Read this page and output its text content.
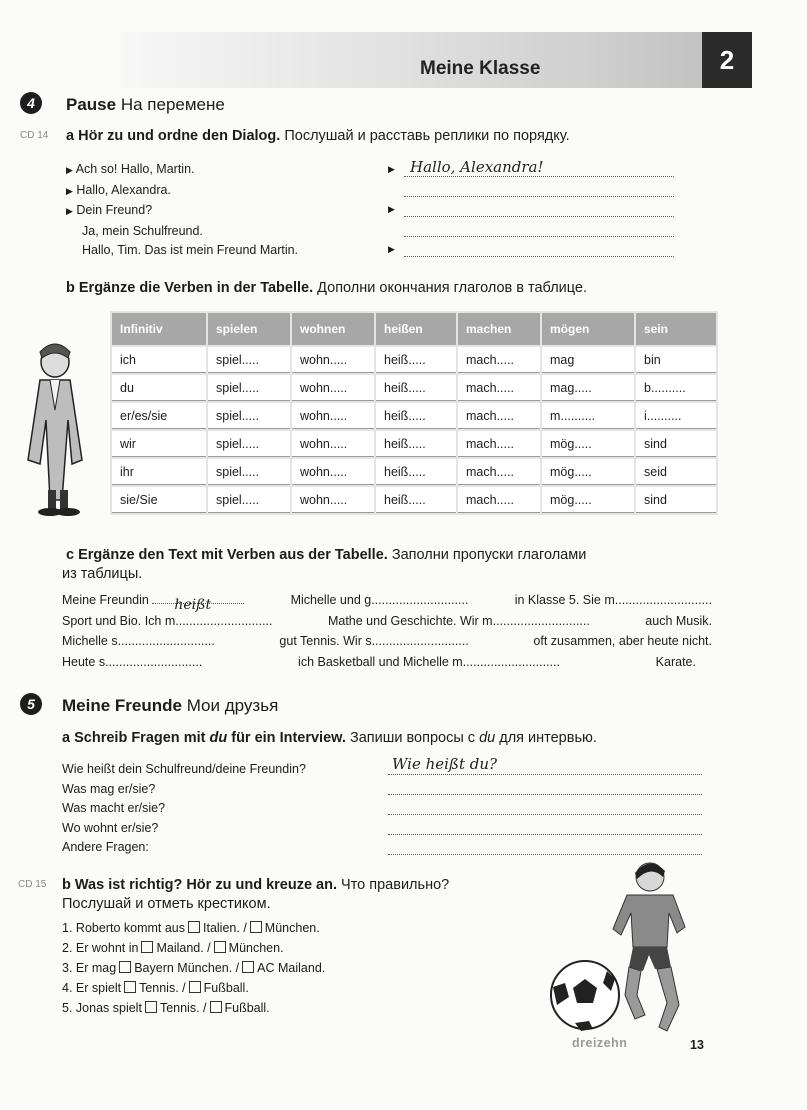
Meine Klasse	2
4	Pause На перемене
CD 14 a Hör zu und ordne den Dialog. Послушай и расставь реплики по порядку.
▶ Ach so! Hallo, Martin.
▶ Hallo, Alexandra.
▶ Dein Freund?
Ja, mein Schulfreund.
Hallo, Tim. Das ist mein Freund Martin.
▶ Hallo, Alexandra!
▶
▶
b Ergänze die Verben in der Tabelle. Дополни окончания глаголов в таблице.
Infinitiv	spielen	wohnen	heißen	machen	mögen	sein
ich	spiel.....	wohn.....	heiß.....	mach.....	mag	bin
du	spiel.....	wohn.....	heiß.....	mach.....	mag.....	b..........
er/es/sie	spiel.....	wohn.....	heiß.....	mach.....	m..........	i..........
wir	spiel.....	wohn.....	heiß.....	mach.....	mög.....	sind
ihr	spiel.....	wohn.....	heiß.....	mach.....	mög.....	seid
sie/Sie	spiel.....	wohn.....	heiß.....	mach.....	mög.....	sind
c Ergänze den Text mit Verben aus der Tabelle. Заполни пропуски глаголами
из таблицы.
Meine Freundin heißt	Michelle und g............................	in Klasse 5. Sie m............................
Sport und Bio. Ich m............................	Mathe und Geschichte. Wir m............................	auch Musik.
Michelle s............................	gut Tennis. Wir s............................	oft zusammen, aber heute nicht.
Heute s............................	ich Basketball und Michelle m............................	Karate.
5	Meine Freunde Мои друзья
a Schreib Fragen mit du für ein Interview. Запиши вопросы с du для интервью.
Wie heißt dein Schulfreund/deine Freundin?
Was mag er/sie?
Was macht er/sie?
Wo wohnt er/sie?
Andere Fragen:
Wie heißt du?
CD 15 b Was ist richtig? Hör zu und kreuze an. Что правильно?
Послушай и отметь крестиком.
1. Roberto kommt aus Italien. / München.
2. Er wohnt in Mailand. / München.
3. Er mag Bayern München. / AC Mailand.
4. Er spielt Tennis. / Fußball.
5. Jonas spielt Tennis. / Fußball.
dreizehn	13
